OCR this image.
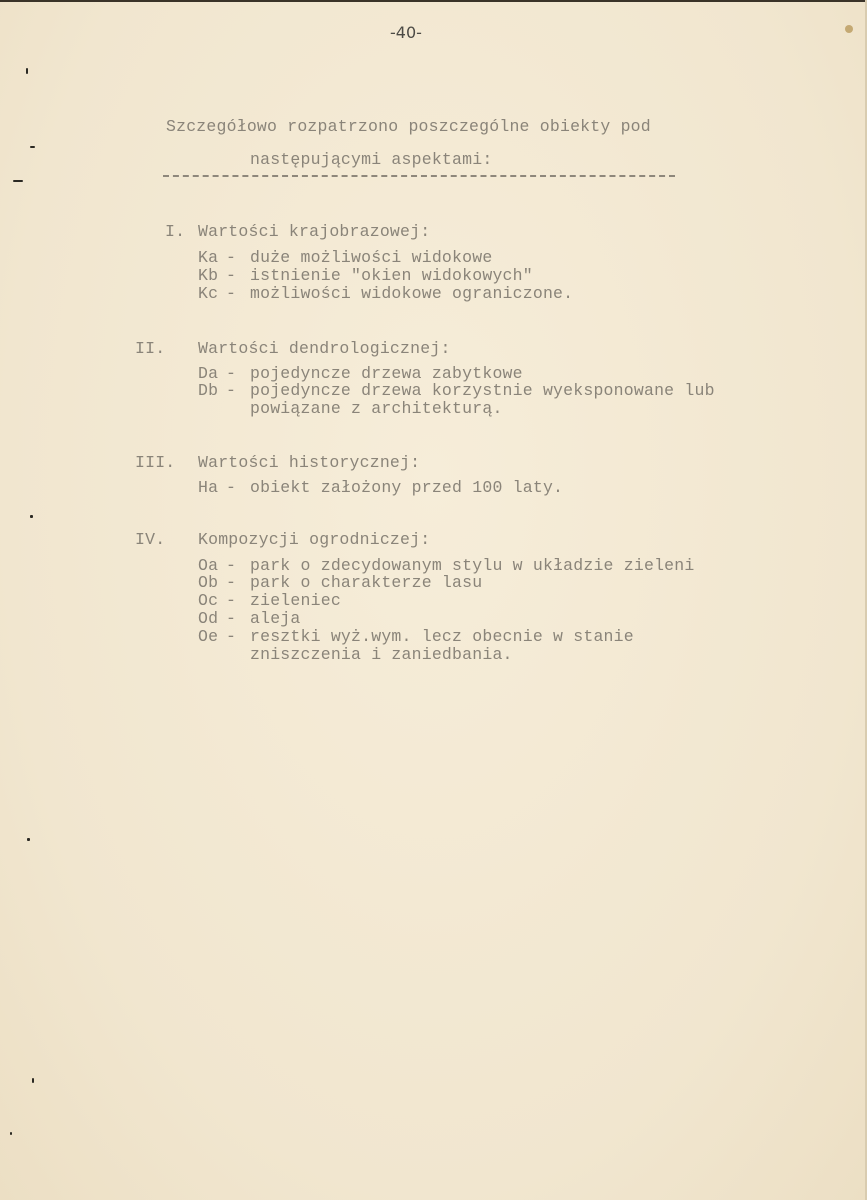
-40-
Szczegółowo rozpatrzono poszczególne obiekty pod
następującymi aspektami:
I. Wartości krajobrazowej:
Ka - duże możliwości widokowe
Kb - istnienie "okien widokowych"
Kc - możliwości widokowe ograniczone.
II. Wartości dendrologicznej:
Da - pojedyncze drzewa zabytkowe
Db - pojedyncze drzewa korzystnie wyeksponowane lub
powiązane z architekturą.
III. Wartości historycznej:
Ha - obiekt założony przed 100 laty.
IV. Kompozycji ogrodniczej:
Oa - park o zdecydowanym stylu w układzie zieleni
Ob - park o charakterze lasu
Oc - zieleniec
Od - aleja
Oe - resztki wyż.wym. lecz obecnie w stanie
zniszczenia i zaniedbania.
